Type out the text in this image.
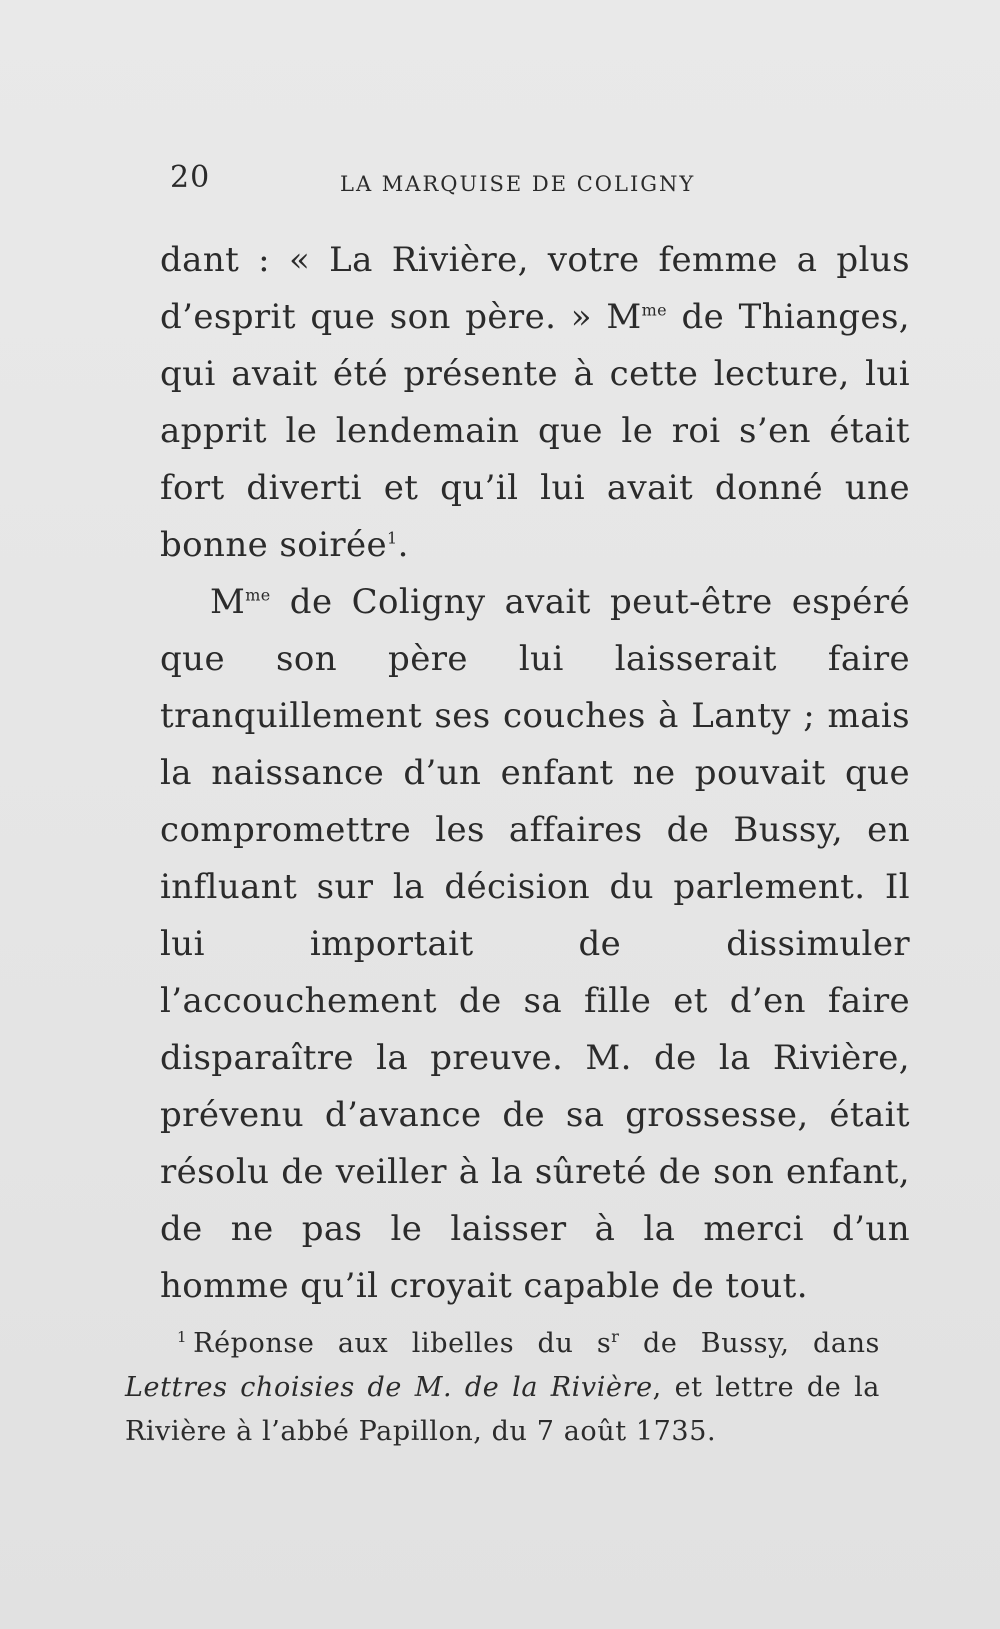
20	LA MARQUISE DE COLIGNY

dant : « La Rivière, votre femme a plus d’esprit que son père. » $M^{me}$ de Thianges, qui avait été présente à cette lecture, lui apprit le lendemain que le roi s’en était fort diverti et qu’il lui avait donné une bonne soirée$^1$.

$M^{me}$ de Coligny avait peut-être espéré que son père lui laisserait faire tranquillement ses couches à Lanty ; mais la naissance d’un enfant ne pouvait que compromettre les affaires de Bussy, en influant sur la décision du parlement. Il lui importait de dissimuler l’accouchement de sa fille et d’en faire disparaître la preuve. M. de la Rivière, prévenu d’avance de sa grossesse, était résolu de veiller à la sûreté de son enfant, de ne pas le laisser à la merci d’un homme qu’il croyait capable de tout.

$^1$ Réponse aux libelles du $s^r$ de Bussy, dans Lettres choisies de M. de la Rivière, et lettre de la Rivière à l’abbé Papillon, du 7 août 1735.
